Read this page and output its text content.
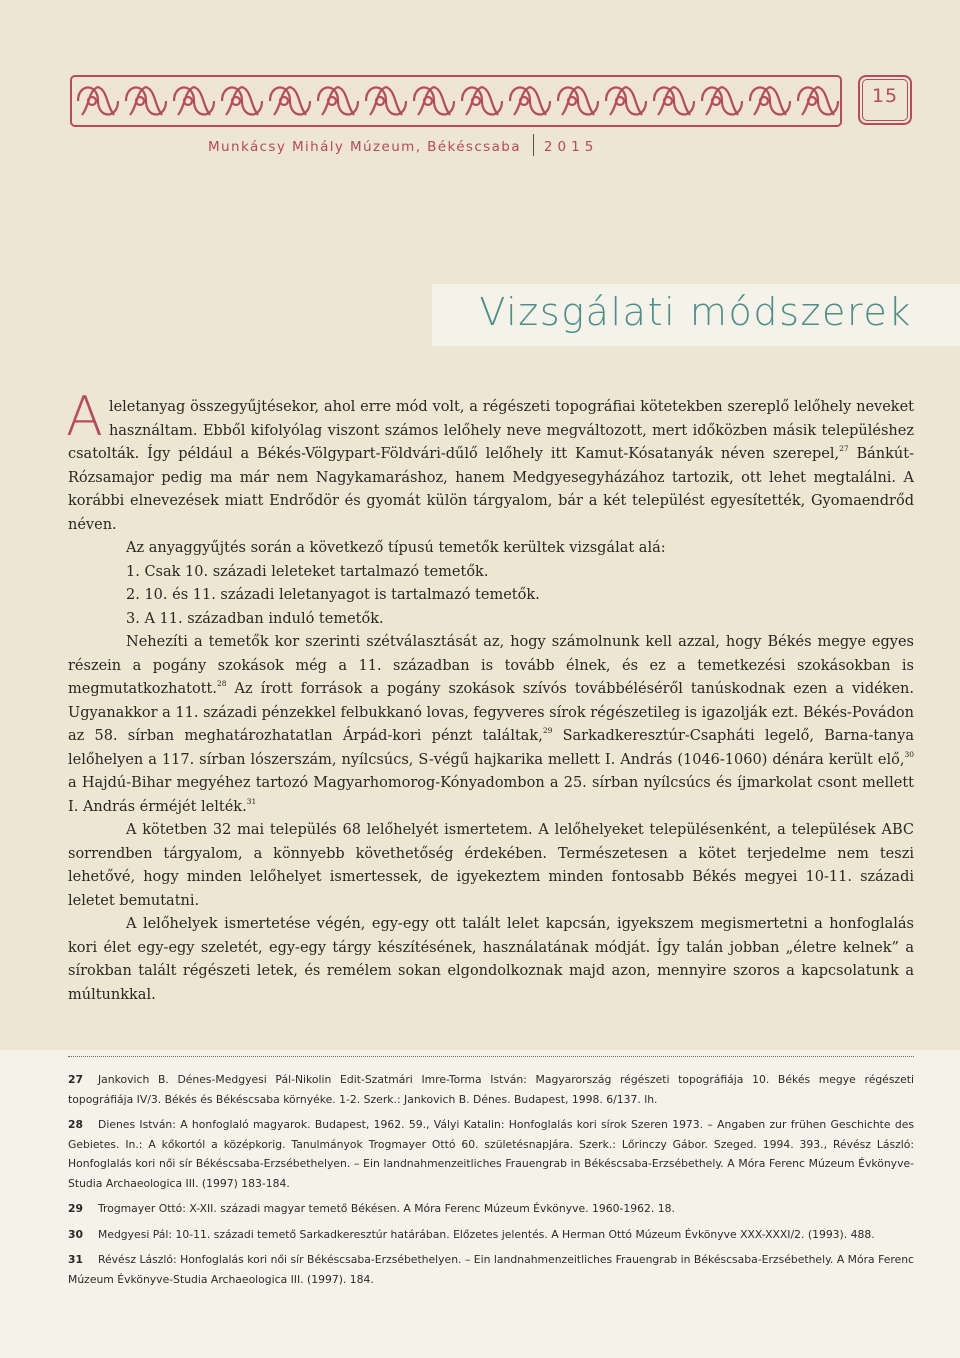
15
Munkácsy Mihály Múzeum, Békéscsaba 2015
Vizsgálati módszerek

Aleletanyag összegyűjtésekor, ahol erre mód volt, a régészeti topográfiai kötetekben szereplő lelőhely neveket használtam. Ebből kifolyólag viszont számos lelőhely neve megváltozott, mert időközben másik településhez csatolták. Így például a Békés-Völgypart-Földvári-dűlő lelőhely itt Kamut-Kósatanyák néven szerepel,$^{27}$ Bánkút-Rózsamajor pedig ma már nem Nagykamaráshoz, hanem Medgyesegyházához tartozik, ott lehet megtalálni. A korábbi elnevezések miatt Endrődör és gyomát külön tárgyalom, bár a két települést egyesítették, Gyomaendrőd néven.

Az anyaggyűjtés során a következő típusú temetők kerültek vizsgálat alá:

1. Csak 10. századi leleteket tartalmazó temetők.

2. 10. és 11. századi leletanyagot is tartalmazó temetők.

3. A 11. században induló temetők.

Nehezíti a temetők kor szerinti szétválasztását az, hogy számolnunk kell azzal, hogy Békés megye egyes részein a pogány szokások még a 11. században is tovább élnek, és ez a temetkezési szokásokban is megmutatkozhatott.$^{28}$ Az írott források a pogány szokások szívós továbbéléséről tanúskodnak ezen a vidéken. Ugyanakkor a 11. századi pénzekkel felbukkanó lovas, fegyveres sírok régészetileg is igazolják ezt. Békés-Povádon az 58. sírban meghatározhatatlan Árpád-kori pénzt találtak,$^{29}$ Sarkadkeresztúr-Csapháti legelő, Barna-tanya lelőhelyen a 117. sírban lószerszám, nyílcsúcs, S-végű hajkarika mellett I. András (1046-1060) dénára került elő,$^{30}$ a Hajdú-Bihar megyéhez tartozó Magyarhomorog-Kónyadombon a 25. sírban nyílcsúcs és íjmarkolat csont mellett I. András érméjét lelték.$^{31}$

A kötetben 32 mai település 68 lelőhelyét ismertetem. A lelőhelyeket településenként, a települések ABC sorrendben tárgyalom, a könnyebb követhetőség érdekében. Természetesen a kötet terjedelme nem teszi lehetővé, hogy minden lelőhelyet ismertessek, de igyekeztem minden fontosabb Békés megyei 10-11. századi leletet bemutatni.

A lelőhelyek ismertetése végén, egy-egy ott talált lelet kapcsán, igyekszem megismertetni a honfoglalás kori élet egy-egy szeletét, egy-egy tárgy készítésének, használatának módját. Így talán jobban „életre kelnek” a sírokban talált régészeti letek, és remélem sokan elgondolkoznak majd azon, mennyire szoros a kapcsolatunk a múltunkkal.

27 Jankovich B. Dénes-Medgyesi Pál-Nikolin Edit-Szatmári Imre-Torma István: Magyarország régészeti topográfiája 10. Békés megye régészeti topográfiája IV/3. Békés és Békéscsaba környéke. 1-2. Szerk.: Jankovich B. Dénes. Budapest, 1998. 6/137. lh.

28 Dienes István: A honfoglaló magyarok. Budapest, 1962. 59., Vályi Katalin: Honfoglalás kori sírok Szeren 1973. – Angaben zur frühen Geschichte des Gebietes. In.: A kőkortól a középkorig. Tanulmányok Trogmayer Ottó 60. születésnapjára. Szerk.: Lőrinczy Gábor. Szeged. 1994. 393., Révész László: Honfoglalás kori női sír Békéscsaba-Erzsébethelyen. – Ein landnahmenzeitliches Frauengrab in Békéscsaba-Erzsébethely. A Móra Ferenc Múzeum Évkönyve-Studia Archaeologica III. (1997) 183-184.

29 Trogmayer Ottó: X-XII. századi magyar temető Békésen. A Móra Ferenc Múzeum Évkönyve. 1960-1962. 18.

30 Medgyesi Pál: 10-11. századi temető Sarkadkeresztúr határában. Előzetes jelentés. A Herman Ottó Múzeum Évkönyve XXX-XXXI/2. (1993). 488.

31 Révész László: Honfoglalás kori női sír Békéscsaba-Erzsébethelyen. – Ein landnahmenzeitliches Frauengrab in Békéscsaba-Erzsébethely. A Móra Ferenc Múzeum Évkönyve-Studia Archaeologica III. (1997). 184.
